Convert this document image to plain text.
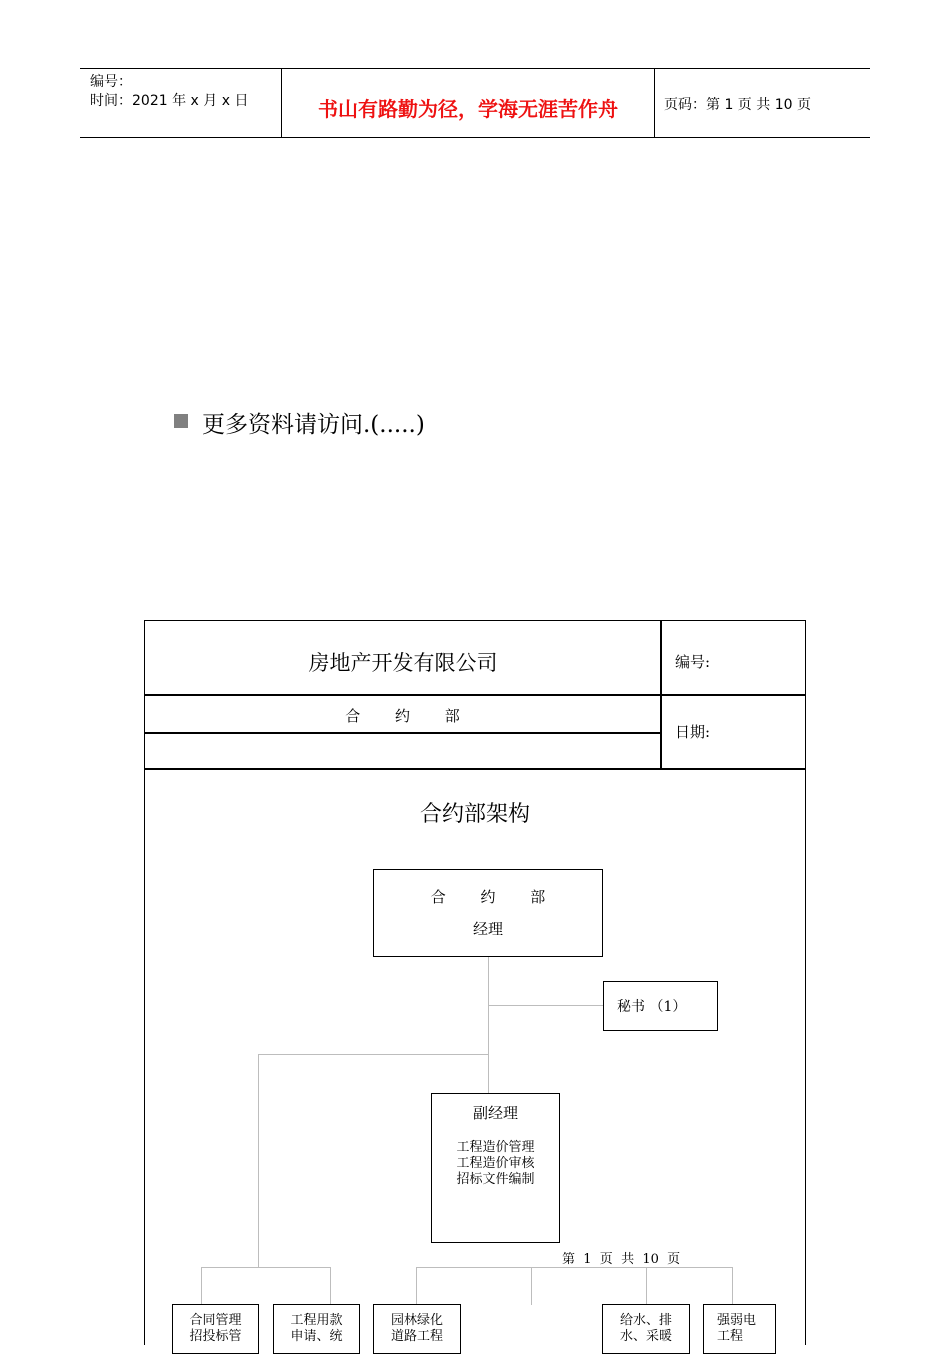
编号：
时间：2021 年 x 月 x 日	书山有路勤为径，学海无涯苦作舟	页码：第 1 页 共 10 页
更多资料请访问.(.....)
房地产开发有限公司	编号:
合 约 部
日期:
合约部架构
合 约 部
经理
秘书 （1）
副经理
工程造价管理
工程造价审核
招标文件编制
合同管理
招投标管
工程用款
申请、统
园林绿化
道路工程
给水、排
水、采暖
强弱电
工程
第  1  页  共  10  页
